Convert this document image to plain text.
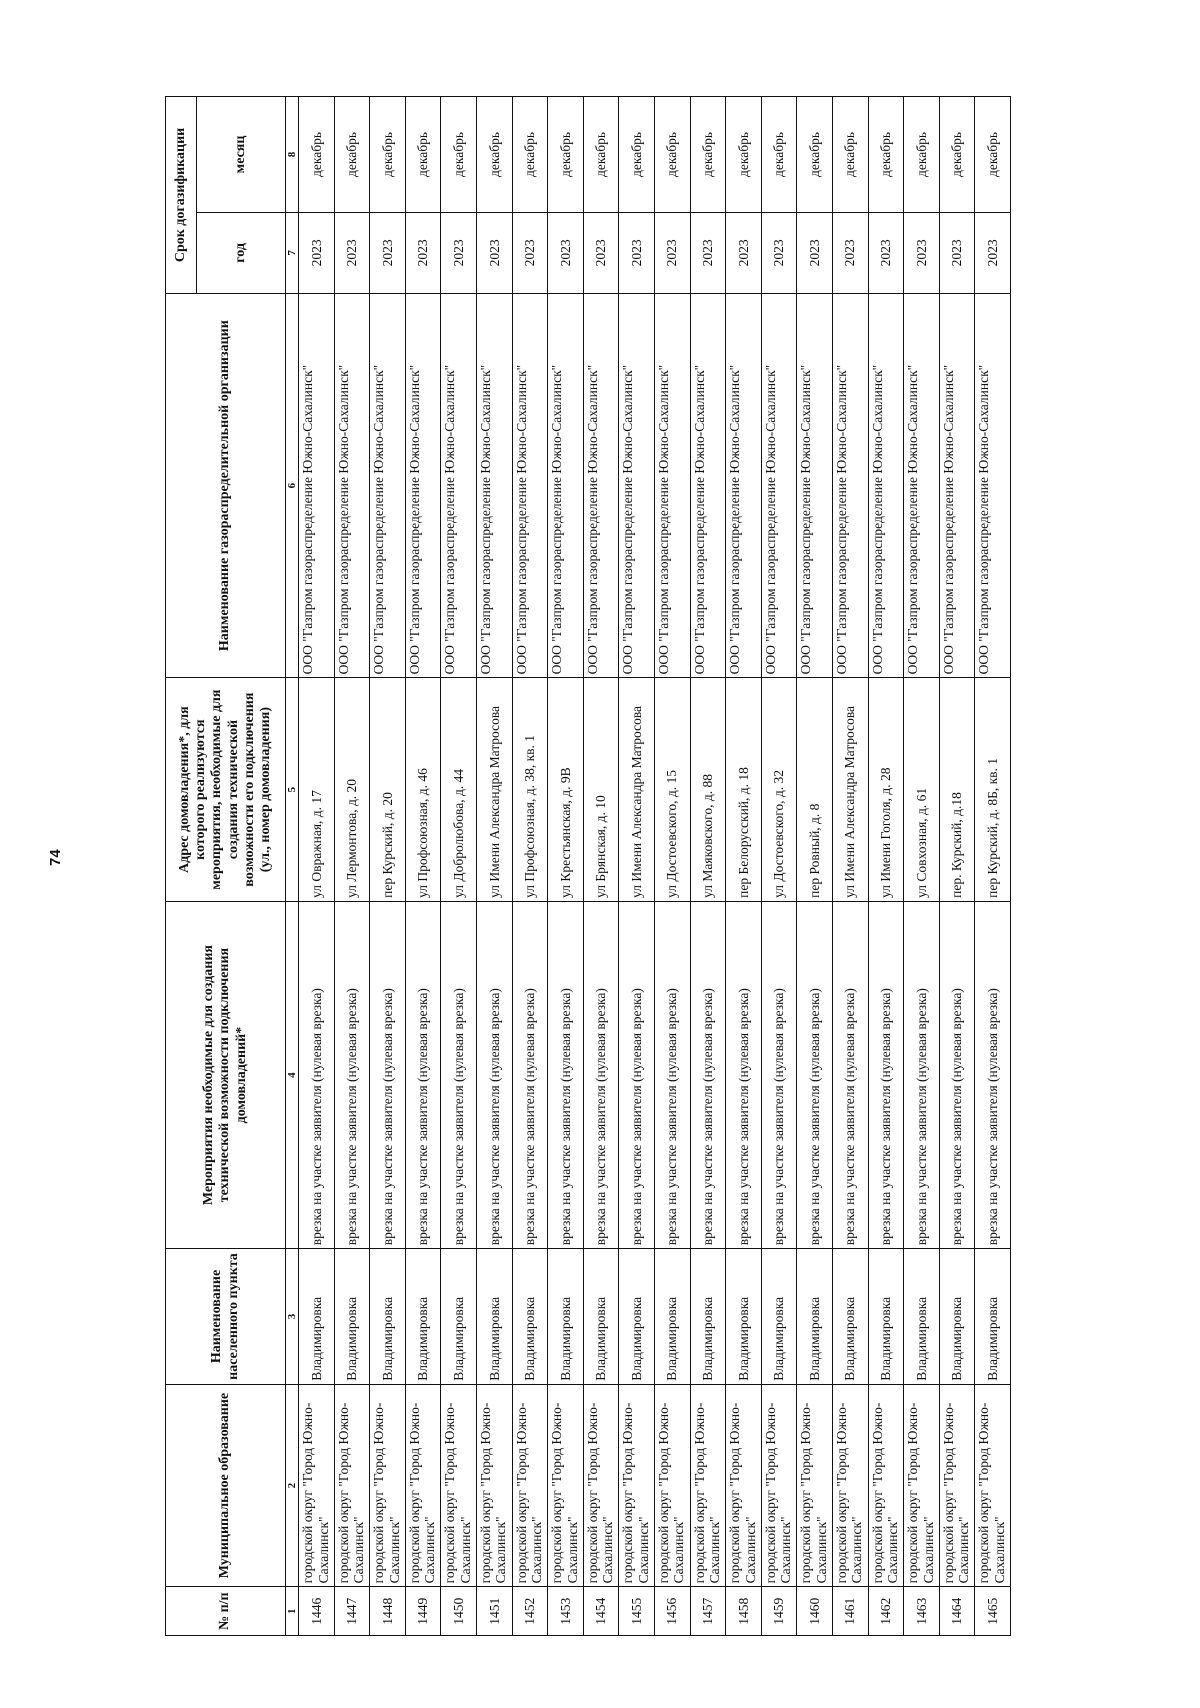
74
№ п/п	Муниципальное образование	Наименование населенного пункта	Мероприятия необходимые для создания технической возможности подключения домовладений*	Адрес домовладения*, для которого реализуются мероприятия, необходимые для создания технической возможности его подключения (ул., номер домовладения)	Наименование газораспределительной организации	Срок догазификации	
						год	месяц
1	2	3	4	5	6	7	8
1446	городской округ "Город Южно-Сахалинск"	Владимировка	врезка на участке заявителя (нулевая врезка)	ул Овражная, д. 17	ООО "Газпром газораспределение Южно-Сахалинск"	2023	декабрь
1447	городской округ "Город Южно-Сахалинск"	Владимировка	врезка на участке заявителя (нулевая врезка)	ул Лермонтова, д. 20	ООО "Газпром газораспределение Южно-Сахалинск"	2023	декабрь
1448	городской округ "Город Южно-Сахалинск"	Владимировка	врезка на участке заявителя (нулевая врезка)	пер Курский, д. 20	ООО "Газпром газораспределение Южно-Сахалинск"	2023	декабрь
1449	городской округ "Город Южно-Сахалинск"	Владимировка	врезка на участке заявителя (нулевая врезка)	ул Профсоюзная, д. 46	ООО "Газпром газораспределение Южно-Сахалинск"	2023	декабрь
1450	городской округ "Город Южно-Сахалинск"	Владимировка	врезка на участке заявителя (нулевая врезка)	ул Добролюбова, д. 44	ООО "Газпром газораспределение Южно-Сахалинск"	2023	декабрь
1451	городской округ "Город Южно-Сахалинск"	Владимировка	врезка на участке заявителя (нулевая врезка)	ул Имени Александра Матросова	ООО "Газпром газораспределение Южно-Сахалинск"	2023	декабрь
1452	городской округ "Город Южно-Сахалинск"	Владимировка	врезка на участке заявителя (нулевая врезка)	ул Профсоюзная, д. 38, кв. 1	ООО "Газпром газораспределение Южно-Сахалинск"	2023	декабрь
1453	городской округ "Город Южно-Сахалинск"	Владимировка	врезка на участке заявителя (нулевая врезка)	ул Крестьянская, д. 9В	ООО "Газпром газораспределение Южно-Сахалинск"	2023	декабрь
1454	городской округ "Город Южно-Сахалинск"	Владимировка	врезка на участке заявителя (нулевая врезка)	ул Брянская, д. 10	ООО "Газпром газораспределение Южно-Сахалинск"	2023	декабрь
1455	городской округ "Город Южно-Сахалинск"	Владимировка	врезка на участке заявителя (нулевая врезка)	ул Имени Александра Матросова	ООО "Газпром газораспределение Южно-Сахалинск"	2023	декабрь
1456	городской округ "Город Южно-Сахалинск"	Владимировка	врезка на участке заявителя (нулевая врезка)	ул Достоевского, д. 15	ООО "Газпром газораспределение Южно-Сахалинск"	2023	декабрь
1457	городской округ "Город Южно-Сахалинск"	Владимировка	врезка на участке заявителя (нулевая врезка)	ул Маяковского, д. 88	ООО "Газпром газораспределение Южно-Сахалинск"	2023	декабрь
1458	городской округ "Город Южно-Сахалинск"	Владимировка	врезка на участке заявителя (нулевая врезка)	пер Белорусский, д. 18	ООО "Газпром газораспределение Южно-Сахалинск"	2023	декабрь
1459	городской округ "Город Южно-Сахалинск"	Владимировка	врезка на участке заявителя (нулевая врезка)	ул Достоевского, д. 32	ООО "Газпром газораспределение Южно-Сахалинск"	2023	декабрь
1460	городской округ "Город Южно-Сахалинск"	Владимировка	врезка на участке заявителя (нулевая врезка)	пер Ровный, д. 8	ООО "Газпром газораспределение Южно-Сахалинск"	2023	декабрь
1461	городской округ "Город Южно-Сахалинск"	Владимировка	врезка на участке заявителя (нулевая врезка)	ул Имени Александра Матросова	ООО "Газпром газораспределение Южно-Сахалинск"	2023	декабрь
1462	городской округ "Город Южно-Сахалинск"	Владимировка	врезка на участке заявителя (нулевая врезка)	ул Имени Гоголя, д. 28	ООО "Газпром газораспределение Южно-Сахалинск"	2023	декабрь
1463	городской округ "Город Южно-Сахалинск"	Владимировка	врезка на участке заявителя (нулевая врезка)	ул Совхозная, д. 61	ООО "Газпром газораспределение Южно-Сахалинск"	2023	декабрь
1464	городской округ "Город Южно-Сахалинск"	Владимировка	врезка на участке заявителя (нулевая врезка)	пер. Курский, д.18	ООО "Газпром газораспределение Южно-Сахалинск"	2023	декабрь
1465	городской округ "Город Южно-Сахалинск"	Владимировка	врезка на участке заявителя (нулевая врезка)	пер Курский, д. 8Б, кв. 1	ООО "Газпром газораспределение Южно-Сахалинск"	2023	декабрь
